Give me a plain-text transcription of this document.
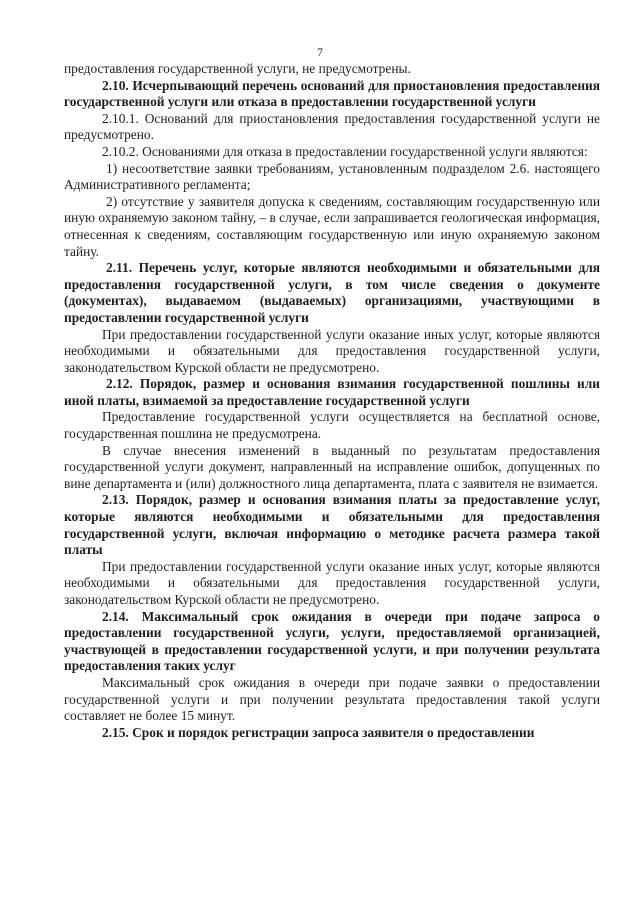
7

предоставления государственной услуги, не предусмотрены.

2.10. Исчерпывающий перечень оснований для приостановления предоставления государственной услуги или отказа в предоставлении государственной услуги

2.10.1. Оснований для приостановления предоставления государственной услуги не предусмотрено.

2.10.2. Основаниями для отказа в предоставлении государственной услуги являются:

1) несоответствие заявки требованиям, установленным подразделом 2.6. настоящего Административного регламента;

2) отсутствие у заявителя допуска к сведениям, составляющим государственную или иную охраняемую законом тайну, – в случае, если запрашивается геологическая информация, отнесенная к сведениям, составляющим государственную или иную охраняемую законом тайну.

2.11. Перечень услуг, которые являются необходимыми и обязательными для предоставления государственной услуги, в том числе сведения о документе (документах), выдаваемом (выдаваемых) организациями, участвующими в предоставлении государственной услуги

При предоставлении государственной услуги оказание иных услуг, которые являются необходимыми и обязательными для предоставления государственной услуги, законодательством Курской области не предусмотрено.

2.12. Порядок, размер и основания взимания государственной пошлины или иной платы, взимаемой за предоставление государственной услуги

Предоставление государственной услуги осуществляется на бесплатной основе, государственная пошлина не предусмотрена.

В случае внесения изменений в выданный по результатам предоставления государственной услуги документ, направленный на исправление ошибок, допущенных по вине департамента и (или) должностного лица департамента, плата с заявителя не взимается.

2.13. Порядок, размер и основания взимания платы за предоставление услуг, которые являются необходимыми и обязательными для предоставления государственной услуги, включая информацию о методике расчета размера такой платы

При предоставлении государственной услуги оказание иных услуг, которые являются необходимыми и обязательными для предоставления государственной услуги, законодательством Курской области не предусмотрено.

2.14. Максимальный срок ожидания в очереди при подаче запроса о предоставлении государственной услуги, услуги, предоставляемой организацией, участвующей в предоставлении государственной услуги, и при получении результата предоставления таких услуг

Максимальный срок ожидания в очереди при подаче заявки о предоставлении государственной услуги и при получении результата предоставления такой услуги составляет не более 15 минут.

2.15. Срок и порядок регистрации запроса заявителя о предоставлении
